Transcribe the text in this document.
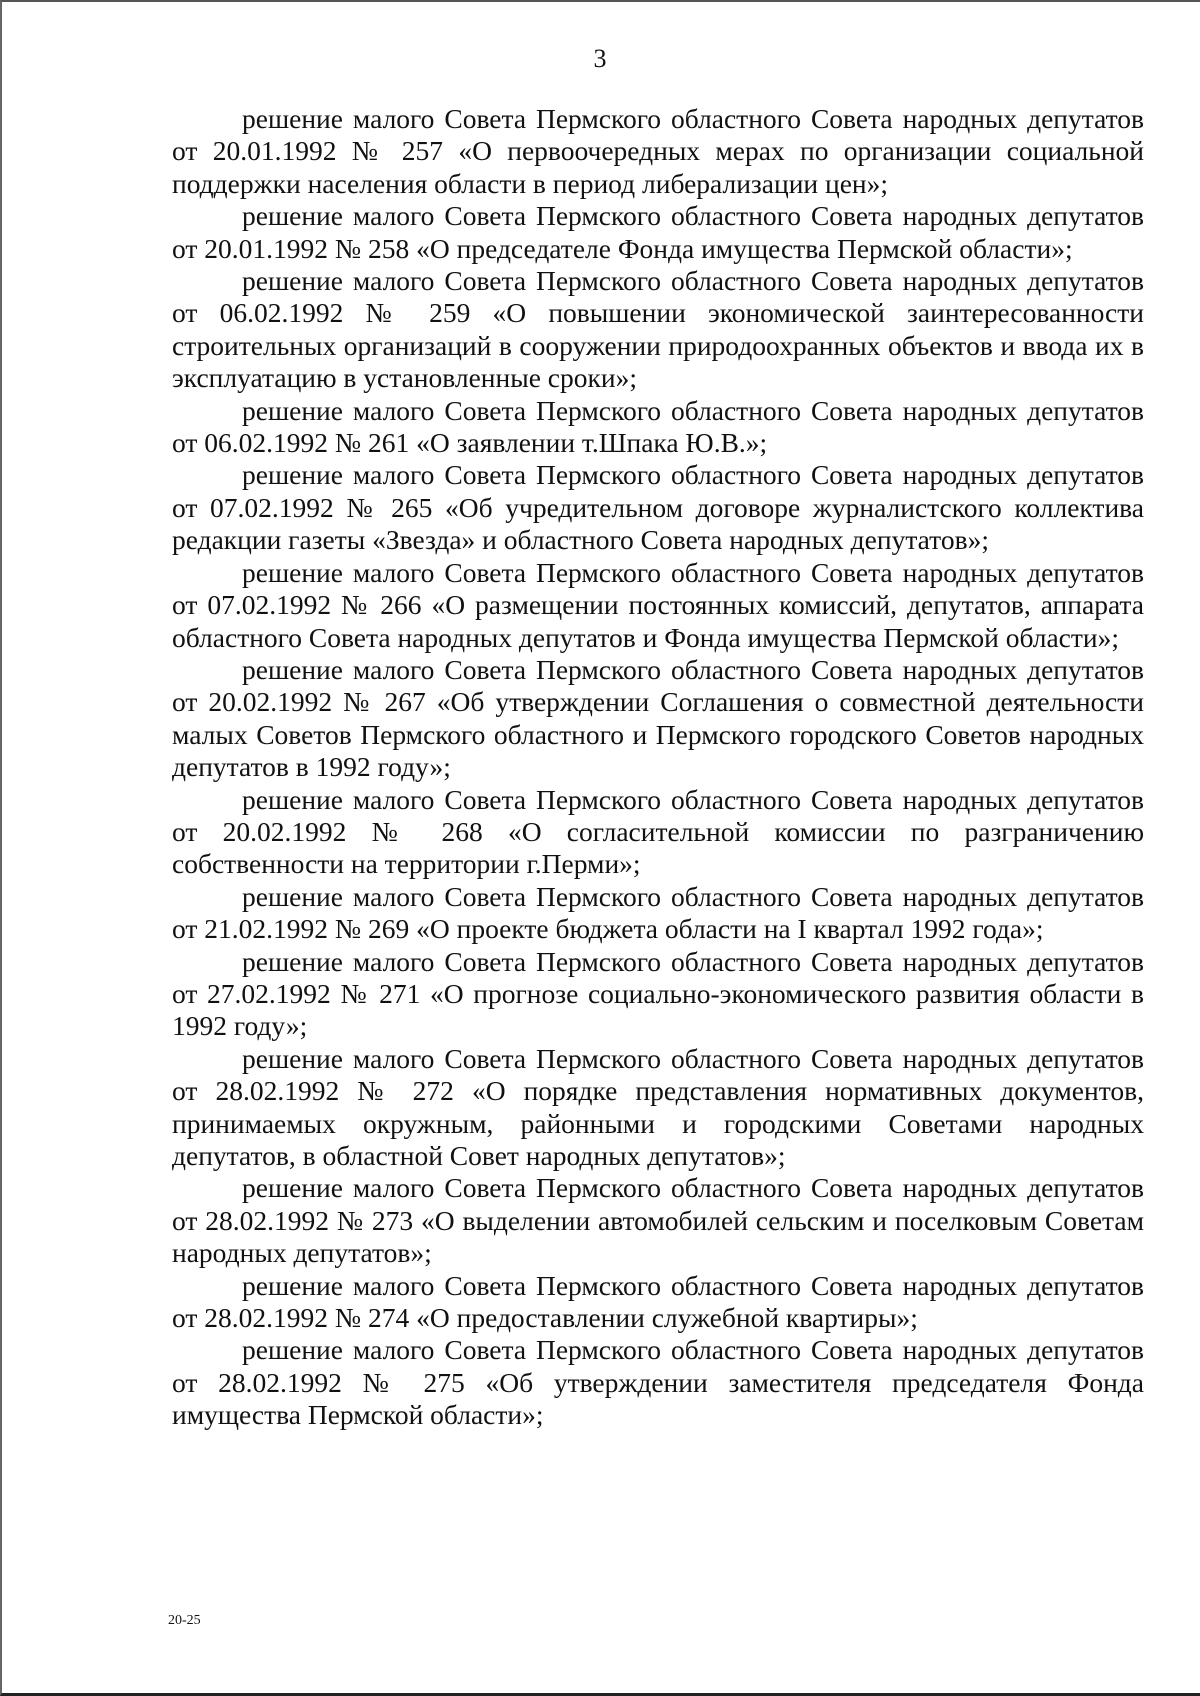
3

решение малого Совета Пермского областного Совета народных депутатов от 20.01.1992 № 257 «О первоочередных мерах по организации социальной поддержки населения области в период либерализации цен»;

решение малого Совета Пермского областного Совета народных депутатов от 20.01.1992 № 258 «О председателе Фонда имущества Пермской области»;

решение малого Совета Пермского областного Совета народных депутатов от 06.02.1992 № 259 «О повышении экономической заинтересованности строительных организаций в сооружении природоохранных объектов и ввода их в эксплуатацию в установленные сроки»;

решение малого Совета Пермского областного Совета народных депутатов от 06.02.1992 № 261 «О заявлении т.Шпака Ю.В.»;

решение малого Совета Пермского областного Совета народных депутатов от 07.02.1992 № 265 «Об учредительном договоре журналистского коллектива редакции газеты «Звезда» и областного Совета народных депутатов»;

решение малого Совета Пермского областного Совета народных депутатов от 07.02.1992 № 266 «О размещении постоянных комиссий, депутатов, аппарата областного Совета народных депутатов и Фонда имущества Пермской области»;

решение малого Совета Пермского областного Совета народных депутатов от 20.02.1992 № 267 «Об утверждении Соглашения о совместной деятельности малых Советов Пермского областного и Пермского городского Советов народных депутатов в 1992 году»;

решение малого Совета Пермского областного Совета народных депутатов от 20.02.1992 № 268 «О согласительной комиссии по разграничению собственности на территории г.Перми»;

решение малого Совета Пермского областного Совета народных депутатов от 21.02.1992 № 269 «О проекте бюджета области на I квартал 1992 года»;

решение малого Совета Пермского областного Совета народных депутатов от 27.02.1992 № 271 «О прогнозе социально-экономического развития области в 1992 году»;

решение малого Совета Пермского областного Совета народных депутатов от 28.02.1992 № 272 «О порядке представления нормативных документов, принимаемых окружным, районными и городскими Советами народных депутатов, в областной Совет народных депутатов»;

решение малого Совета Пермского областного Совета народных депутатов от 28.02.1992 № 273 «О выделении автомобилей сельским и поселковым Советам народных депутатов»;

решение малого Совета Пермского областного Совета народных депутатов от 28.02.1992 № 274 «О предоставлении служебной квартиры»;

решение малого Совета Пермского областного Совета народных депутатов от 28.02.1992 № 275 «Об утверждении заместителя председателя Фонда имущества Пермской области»;

20-25
